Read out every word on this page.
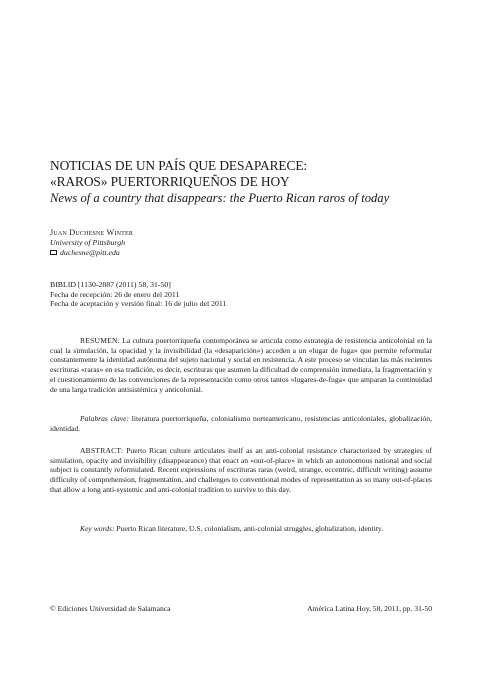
NOTICIAS DE UN PAÍS QUE DESAPARECE:
«RAROS» PUERTORRIQUEÑOS DE HOY
News of a country that disappears: the Puerto Rican raros of today
Juan Duchesne Winter
University of Pittsburgh
duchesne@pitt.edu
BIBLID [1130-2887 (2011) 58, 31-50]
Fecha de recepción: 26 de enero del 2011
Fecha de aceptación y versión final: 16 de julio del 2011

RESUMEN: La cultura puertorriqueña contemporánea se articula como estrategia de resistencia anticolonial en la cual la simulación, la opacidad y la invisibilidad (la «desaparición») acceden a un «lugar de fuga» que permite reformular constantemente la identidad autónoma del sujeto nacional y social en resistencia. A este proceso se vinculan las más recientes escrituras «raras» en esa tradición, es decir, escrituras que asumen la dificultad de comprensión inmediata, la fragmentación y el cuestionamiento de las convenciones de la representación como otros tantos «lugares-de-fuga» que amparan la continuidad de una larga tradición antisistémica y anticolonial.

Palabras clave: literatura puertorriqueña, colonialismo norteamericano, resistencias anticoloniales, globalización, identidad.

ABSTRACT: Puerto Rican culture articulates itself as an anti-colonial resistance characterized by strategies of simulation, opacity and invisibility (disappearance) that enact an «out-of-place» in which an autonomous national and social subject is constantly reformulated. Recent expressions of escrituras raras (weird, strange, eccentric, difficult writing) assume difficulty of comprehension, fragmentation, and challenges to conventional modes of representation as so many out-of-places that allow a long anti-systemic and anti-colonial tradition to survive to this day.

Key words: Puerto Rican literature, U.S. colonialism, anti-colonial struggles, globalization, identity.

© Ediciones Universidad de Salamanca	América Latina Hoy, 58, 2011, pp. 31-50
